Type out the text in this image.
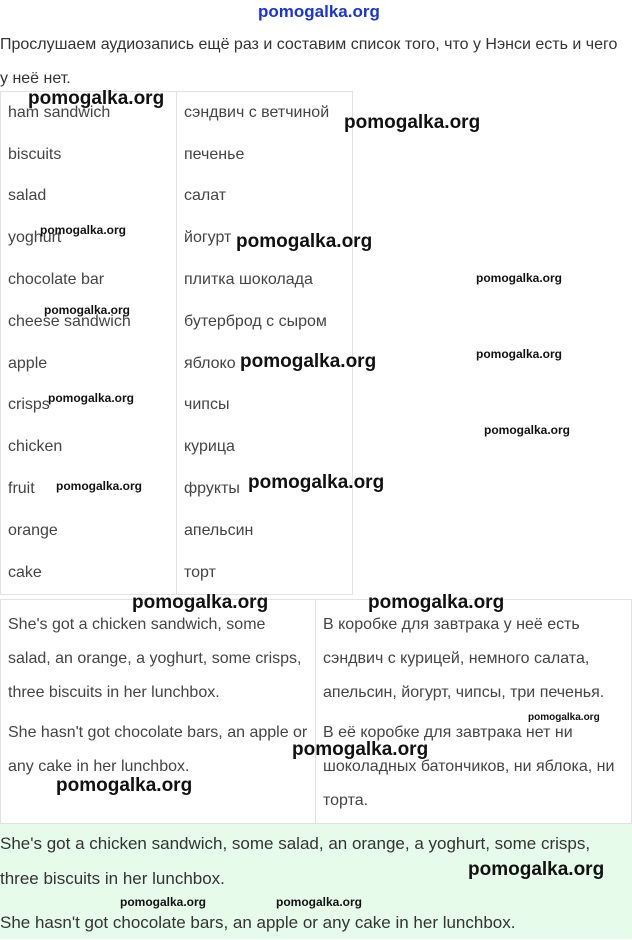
pomogalka.org

Прослушаем аудиозапись ещё раз и составим список того, что у Нэнси есть и чего у неё нет.

ham sandwich	сэндвич с ветчиной
biscuits	печенье
salad	салат
yoghurt	йогурт
chocolate bar	плитка шоколада
cheese sandwich	бутерброд с сыром
apple	яблоко
crisps	чипсы
chicken	курица
fruit	фрукты
orange	апельсин
cake	торт

She's got a chicken sandwich, some salad, an orange, a yoghurt, some crisps, three biscuits in her lunchbox.

She hasn't got chocolate bars, an apple or any cake in her lunchbox.

В коробке для завтрака у неё есть сэндвич с курицей, немного салата, апельсин, йогурт, чипсы, три печенья.

В её коробке для завтрака нет ни шоколадных батончиков, ни яблока, ни торта.

She's got a chicken sandwich, some salad, an orange, a yoghurt, some crisps, three biscuits in her lunchbox.

She hasn't got chocolate bars, an apple or any cake in her lunchbox.

pomogalka.org
pomogalka.org
pomogalka.org
pomogalka.org
pomogalka.org
pomogalka.org
pomogalka.org
pomogalka.org
pomogalka.org
pomogalka.org
pomogalka.org
pomogalka.org
pomogalka.org	pomogalka.org
pomogalka.org
pomogalka.org
pomogalka.org
pomogalka.org
pomogalka.org	pomogalka.org
